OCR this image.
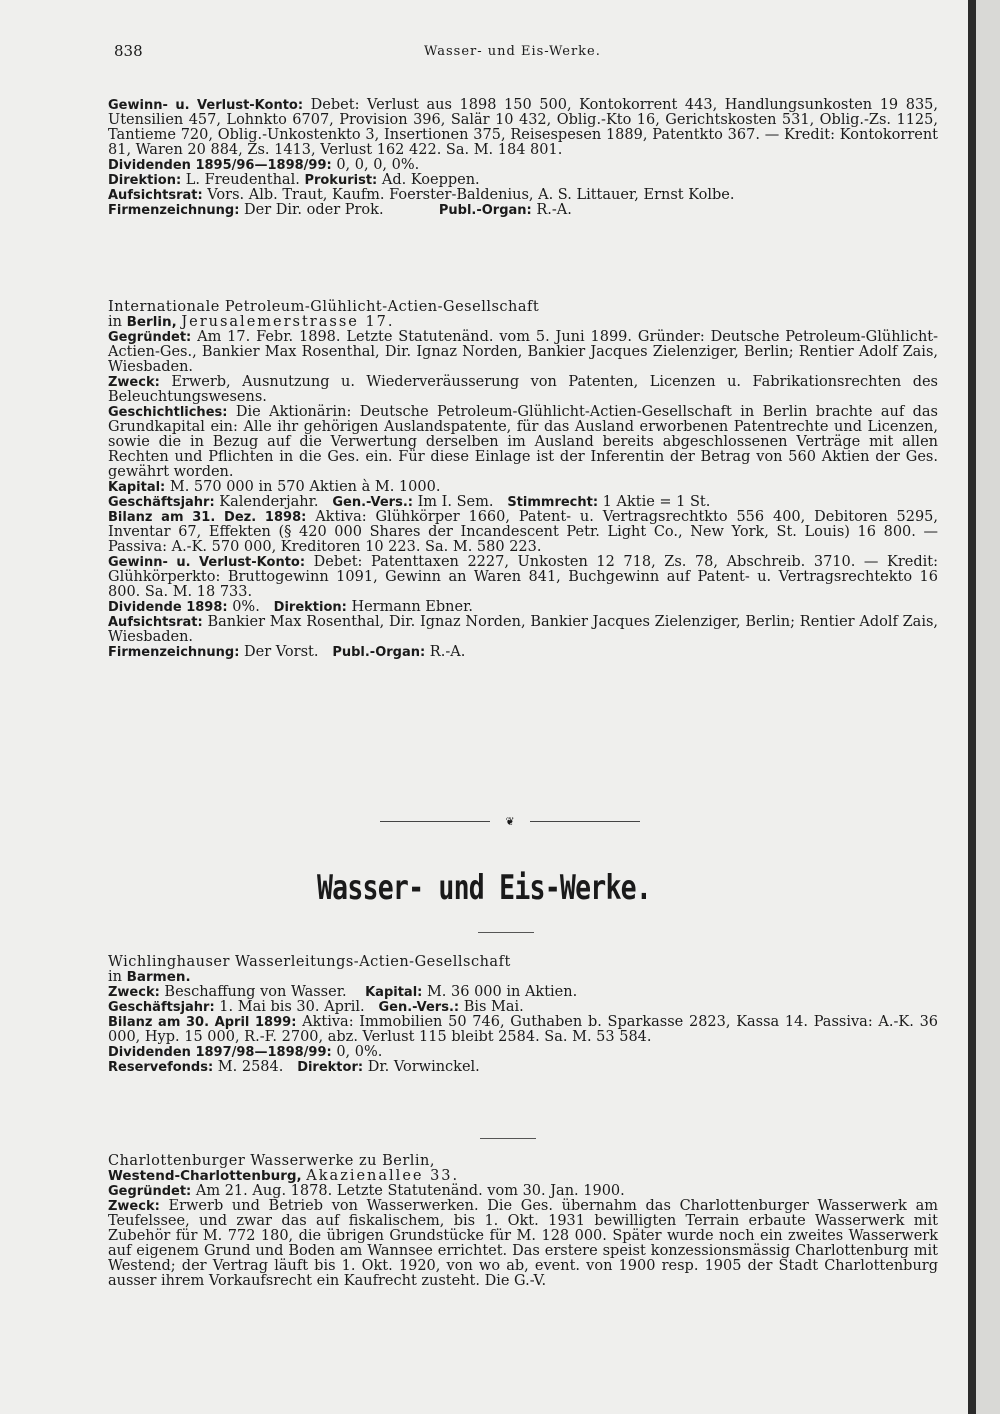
838	Wasser- und Eis-Werke.

Gewinn- u. Verlust-Konto: Debet: Verlust aus 1898 150 500, Kontokorrent 443, Handlungsunkosten 19 835, Utensilien 457, Lohnkto 6707, Provision 396, Salär 10 432, Oblig.-Kto 16, Gerichtskosten 531, Oblig.-Zs. 1125, Tantieme 720, Oblig.-Unkostenkto 3, Insertionen 375, Reisespesen 1889, Patentkto 367. — Kredit: Kontokorrent 81, Waren 20 884, Zs. 1413, Verlust 162 422. Sa. M. 184 801.

Dividenden 1895/96—1898/99: 0, 0, 0, 0%.

Direktion: L. Freudenthal. Prokurist: Ad. Koeppen.

Aufsichtsrat: Vors. Alb. Traut, Kaufm. Foerster-Baldenius, A. S. Littauer, Ernst Kolbe.

Firmenzeichnung: Der Dir. oder Prok.	Publ.-Organ: R.-A.

Internationale Petroleum-Glühlicht-Actien-Gesellschaft

in Berlin, Jerusalemerstrasse 17.

Gegründet: Am 17. Febr. 1898. Letzte Statutenänd. vom 5. Juni 1899. Gründer: Deutsche Petroleum-Glühlicht-Actien-Ges., Bankier Max Rosenthal, Dir. Ignaz Norden, Bankier Jacques Zielenziger, Berlin; Rentier Adolf Zais, Wiesbaden.

Zweck: Erwerb, Ausnutzung u. Wiederveräusserung von Patenten, Licenzen u. Fabrikationsrechten des Beleuchtungswesens.

Geschichtliches: Die Aktionärin: Deutsche Petroleum-Glühlicht-Actien-Gesellschaft in Berlin brachte auf das Grundkapital ein: Alle ihr gehörigen Auslandspatente, für das Ausland erworbenen Patentrechte und Licenzen, sowie die in Bezug auf die Verwertung derselben im Ausland bereits abgeschlossenen Verträge mit allen Rechten und Pflichten in die Ges. ein. Für diese Einlage ist der Inferentin der Betrag von 560 Aktien der Ges. gewährt worden.

Kapital: M. 570 000 in 570 Aktien à M. 1000.

Geschäftsjahr: Kalenderjahr. Gen.-Vers.: Im I. Sem. Stimmrecht: 1 Aktie = 1 St.

Bilanz am 31. Dez. 1898: Aktiva: Glühkörper 1660, Patent- u. Vertragsrechtkto 556 400, Debitoren 5295, Inventar 67, Effekten (§ 420 000 Shares der Incandescent Petr. Light Co., New York, St. Louis) 16 800. — Passiva: A.-K. 570 000, Kreditoren 10 223. Sa. M. 580 223.

Gewinn- u. Verlust-Konto: Debet: Patenttaxen 2227, Unkosten 12 718, Zs. 78, Abschreib. 3710. — Kredit: Glühkörperkto: Bruttogewinn 1091, Gewinn an Waren 841, Buchgewinn auf Patent- u. Vertragsrechtekto 16 800. Sa. M. 18 733.

Dividende 1898: 0%. Direktion: Hermann Ebner.

Aufsichtsrat: Bankier Max Rosenthal, Dir. Ignaz Norden, Bankier Jacques Zielenziger, Berlin; Rentier Adolf Zais, Wiesbaden.

Firmenzeichnung: Der Vorst. Publ.-Organ: R.-A.

❦
Wasser- und Eis-Werke.

Wichlinghauser Wasserleitungs-Actien-Gesellschaft

in Barmen.

Zweck: Beschaffung von Wasser. Kapital: M. 36 000 in Aktien.

Geschäftsjahr: 1. Mai bis 30. April. Gen.-Vers.: Bis Mai.

Bilanz am 30. April 1899: Aktiva: Immobilien 50 746, Guthaben b. Sparkasse 2823, Kassa 14. Passiva: A.-K. 36 000, Hyp. 15 000, R.-F. 2700, abz. Verlust 115 bleibt 2584. Sa. M. 53 584.

Dividenden 1897/98—1898/99: 0, 0%.

Reservefonds: M. 2584. Direktor: Dr. Vorwinckel.

Charlottenburger Wasserwerke zu Berlin,

Westend-Charlottenburg, Akazienallee 33.

Gegründet: Am 21. Aug. 1878. Letzte Statutenänd. vom 30. Jan. 1900.

Zweck: Erwerb und Betrieb von Wasserwerken. Die Ges. übernahm das Charlottenburger Wasserwerk am Teufelssee, und zwar das auf fiskalischem, bis 1. Okt. 1931 bewilligten Terrain erbaute Wasserwerk mit Zubehör für M. 772 180, die übrigen Grundstücke für M. 128 000. Später wurde noch ein zweites Wasserwerk auf eigenem Grund und Boden am Wannsee errichtet. Das erstere speist konzessionsmässig Charlottenburg mit Westend; der Vertrag läuft bis 1. Okt. 1920, von wo ab, event. von 1900 resp. 1905 der Stadt Charlottenburg ausser ihrem Vorkaufsrecht ein Kaufrecht zusteht. Die G.-V.
